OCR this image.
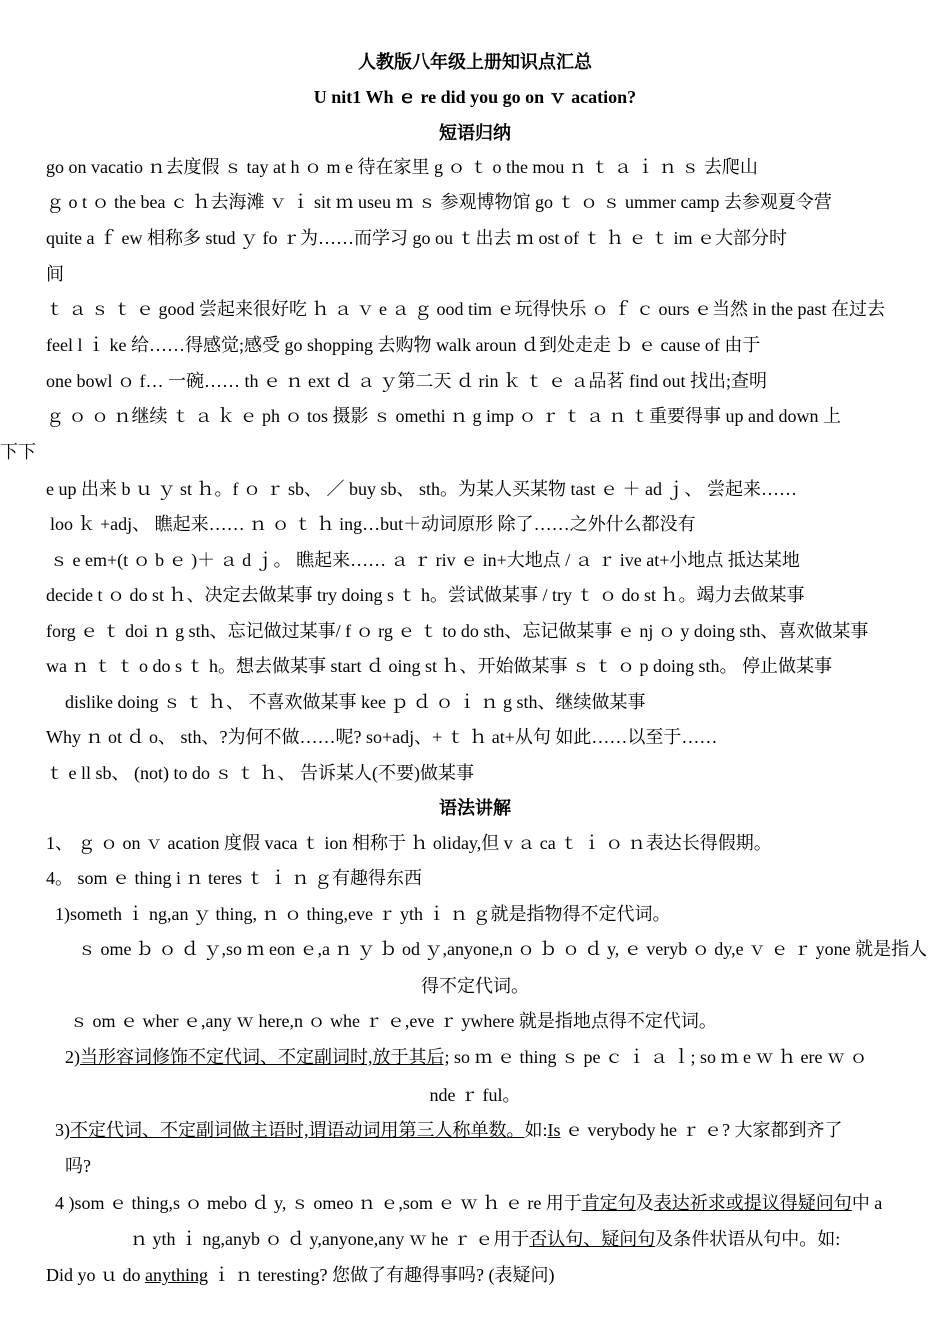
人教版八年级上册知识点汇总
U nit1 Wh ｅ re did you go on ｖ acation?
短语归纳
go on vacatio ｎ去度假 ｓ tay at h ｏ m e 待在家里 g ｏ ｔ o the mou ｎ ｔ ａ ｉ ｎ ｓ 去爬山
ｇ o t ｏ the bea ｃ ｈ去海滩 ｖ ｉ sit ｍ useu ｍ ｓ 参观博物馆 go ｔ ｏ ｓ ummer camp 去参观夏令营
quite a ｆ ew 相称多 stud ｙ fo ｒ为……而学习 go ou ｔ出去 ｍ ost of ｔ ｈ ｅ ｔ im ｅ大部分时
间
ｔ ａ ｓ ｔ ｅ good 尝起来很好吃 ｈ ａ ｖ e ａ ｇ ood tim ｅ玩得快乐 ｏ ｆ ｃ ours ｅ当然 in the past 在过去
feel l ｉ ke 给……得感觉;感受 go shopping 去购物 walk aroun ｄ到处走走 ｂ ｅ cause of 由于
one bowl ｏ f… 一碗…… th ｅ ｎ ext ｄ ａ ｙ第二天 ｄ rin ｋ ｔ ｅ ａ品茗 find out 找出;查明
ｇ ｏ ｏ ｎ继续 ｔ ａ ｋ ｅ ph ｏ tos 摄影 ｓ omethi ｎ g imp ｏ ｒ ｔ ａ ｎ ｔ重要得事 up and down 上
下下
e up 出来 b ｕ ｙ st ｈ。f ｏ ｒ sb、 ／ buy sb、 sth。为某人买某物 tast ｅ ＋ ad ｊ、 尝起来……
loo ｋ +adj、 瞧起来…… ｎ ｏ ｔ ｈ ing…but＋动词原形 除了……之外什么都没有
ｓ e em+(t ｏ b ｅ )＋ ａ d ｊ。 瞧起来…… ａ ｒ riv ｅ in+大地点 / ａ ｒ ive at+小地点 抵达某地
decide t ｏ do st ｈ、决定去做某事 try doing s ｔ h。尝试做某事 / try ｔ ｏ do st ｈ。竭力去做某事
forg ｅ ｔ doi ｎ g sth、忘记做过某事/ f ｏ rg ｅ ｔ to do sth、忘记做某事 ｅ nj ｏ y doing sth、喜欢做某事
wa ｎ ｔ ｔ o do s ｔ h。想去做某事 start ｄ oing st ｈ、开始做某事 ｓ ｔ ｏ p doing sth。 停止做某事
dislike doing ｓ ｔ ｈ、 不喜欢做某事 kee ｐ ｄ ｏ ｉ ｎ g sth、继续做某事
Why ｎ ot ｄ o、 sth、?为何不做……呢? so+adj、+ ｔ ｈ at+从句 如此……以至于……
ｔ e ll sb、 (not) to do ｓ ｔ ｈ、 告诉某人(不要)做某事
语法讲解
1、 ｇ ｏ on ｖ acation 度假 vaca ｔ ion 相称于 ｈ oliday,但 v ａ ca ｔ ｉ ｏ ｎ表达长得假期。
4。 som ｅ thing i ｎ teres ｔ ｉ ｎ ｇ有趣得东西
1)someth ｉ ng,an ｙ thing, ｎ ｏ thing,eve ｒ yth ｉ ｎ ｇ就是指物得不定代词。
ｓ ome ｂ ｏ ｄ ｙ,so ｍ eon ｅ,a ｎ ｙ ｂ od ｙ,anyone,n ｏ ｂ ｏ ｄ y, ｅ veryb ｏ dy,e ｖ ｅ ｒ yone 就是指人
得不定代词。
ｓ om ｅ wher ｅ,any ｗ here,n ｏ whe ｒ ｅ,eve ｒ ywhere 就是指地点得不定代词。
2)当形容词修饰不定代词、不定副词时,放于其后; so ｍ ｅ thing ｓ pe ｃ ｉ ａ ｌ; so ｍ e ｗ ｈ ere ｗ ｏ
nde ｒ ful。
3)不定代词、不定副词做主语时,谓语动词用第三人称单数。如:Is ｅ verybody he ｒ ｅ? 大家都到齐了
吗?
4 )som ｅ thing,s ｏ mebo ｄ y, ｓ omeo ｎ ｅ,som ｅ ｗ ｈ ｅ re 用于肯定句及表达祈求或提议得疑问句中 a
ｎ yth ｉ ng,anyb ｏ ｄ y,anyone,any ｗ he ｒ ｅ用于否认句、疑问句及条件状语从句中。如:
Did yo ｕ do anything ｉ ｎ teresting? 您做了有趣得事吗? (表疑问)
